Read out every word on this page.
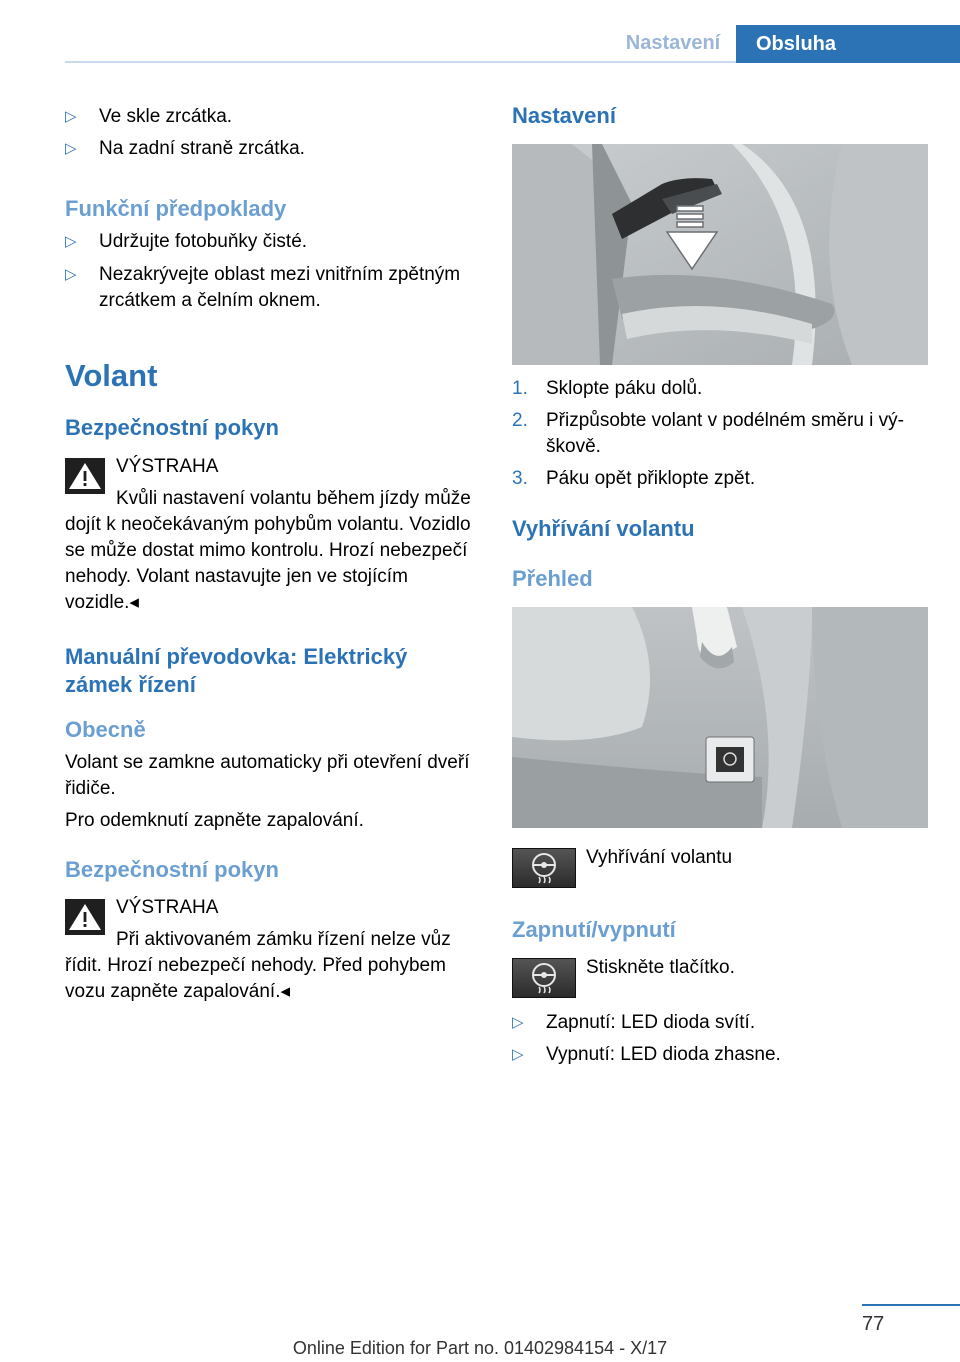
Nastavení	Obsluha
▷ Ve skle zrcátka.
▷ Na zadní straně zrcátka.
Funkční předpoklady
▷ Udržujte fotobuňky čisté.
▷ Nezakrývejte oblast mezi vnitřním zpětným zrcátkem a čelním oknem.
Volant
Bezpečnostní pokyn
VÝSTRAHA
Kvůli nastavení volantu během jízdy může dojít k neočekávaným pohybům volantu. Vozidlo se může dostat mimo kontrolu. Hrozí nebezpečí nehody. Volant nastavujte jen ve stojícím vozidle.◂
Manuální převodovka: Elektrický zámek řízení
Obecně
Volant se zamkne automaticky při otevření dveří řidiče.
Pro odemknutí zapněte zapalování.
Bezpečnostní pokyn
VÝSTRAHA
Při aktivovaném zámku řízení nelze vůz řídit. Hrozí nebezpečí nehody. Před pohybem vozu zapněte zapalování.◂
Nastavení
1. Sklopte páku dolů.
2. Přizpůsobte volant v podélném směru i výškově.
3. Páku opět přiklopte zpět.
Vyhřívání volantu
Přehled
Vyhřívání volantu
Zapnutí/vypnutí
Stiskněte tlačítko.
▷ Zapnutí: LED dioda svítí.
▷ Vypnutí: LED dioda zhasne.
77
Online Edition for Part no. 01402984154 - X/17
